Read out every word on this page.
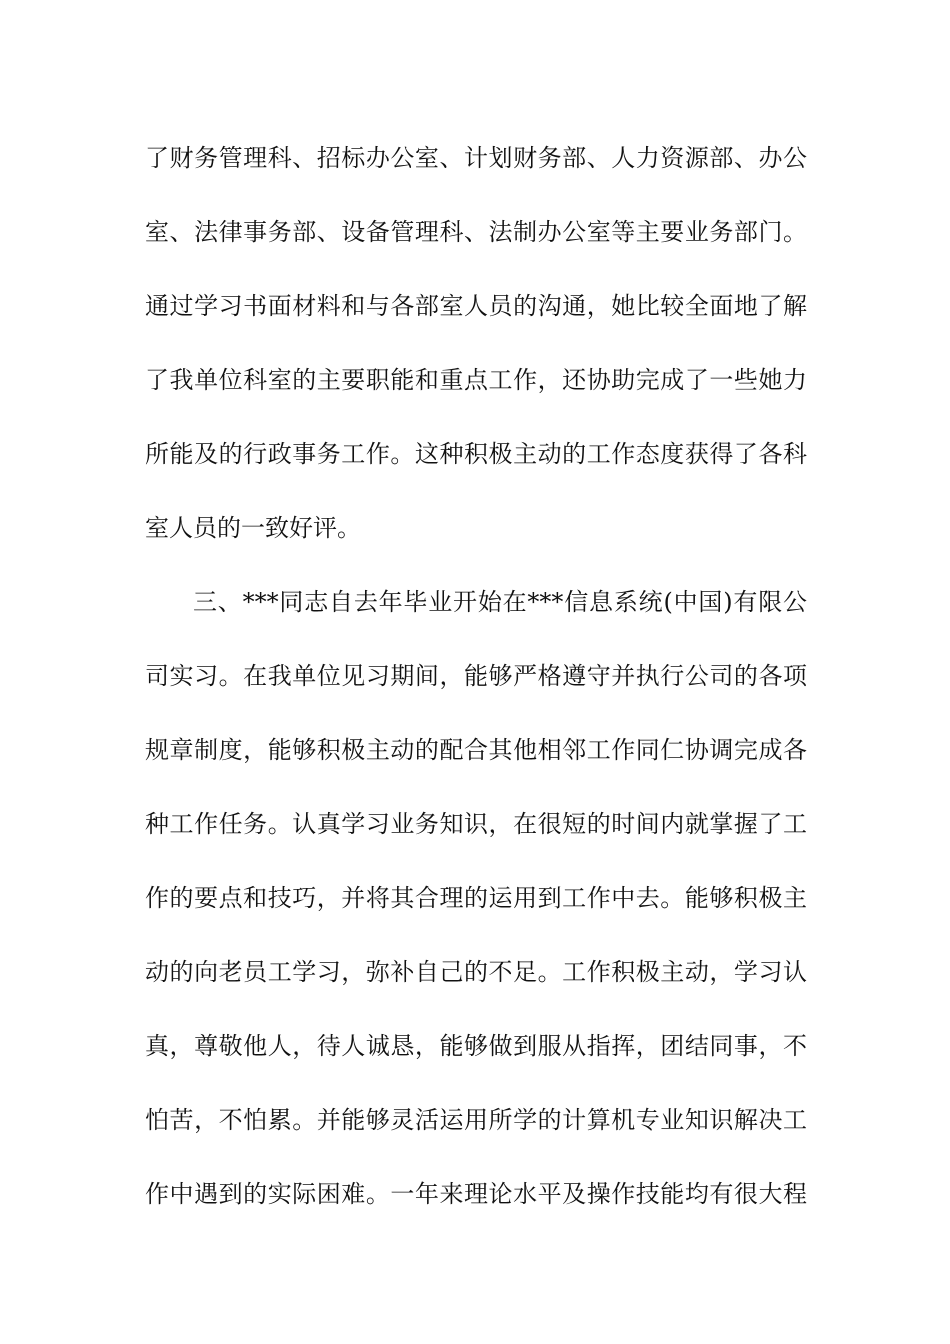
了财务管理科、招标办公室、计划财务部、人力资源部、办公
室、法律事务部、设备管理科、法制办公室等主要业务部门。
通过学习书面材料和与各部室人员的沟通，她比较全面地了解
了我单位科室的主要职能和重点工作，还协助完成了一些她力
所能及的行政事务工作。这种积极主动的工作态度获得了各科
室人员的一致好评。
三、***同志自去年毕业开始在***信息系统(中国)有限公
司实习。在我单位见习期间，能够严格遵守并执行公司的各项
规章制度，能够积极主动的配合其他相邻工作同仁协调完成各
种工作任务。认真学习业务知识，在很短的时间内就掌握了工
作的要点和技巧，并将其合理的运用到工作中去。能够积极主
动的向老员工学习，弥补自己的不足。工作积极主动，学习认
真，尊敬他人，待人诚恳，能够做到服从指挥，团结同事，不
怕苦，不怕累。并能够灵活运用所学的计算机专业知识解决工
作中遇到的实际困难。一年来理论水平及操作技能均有很大程
